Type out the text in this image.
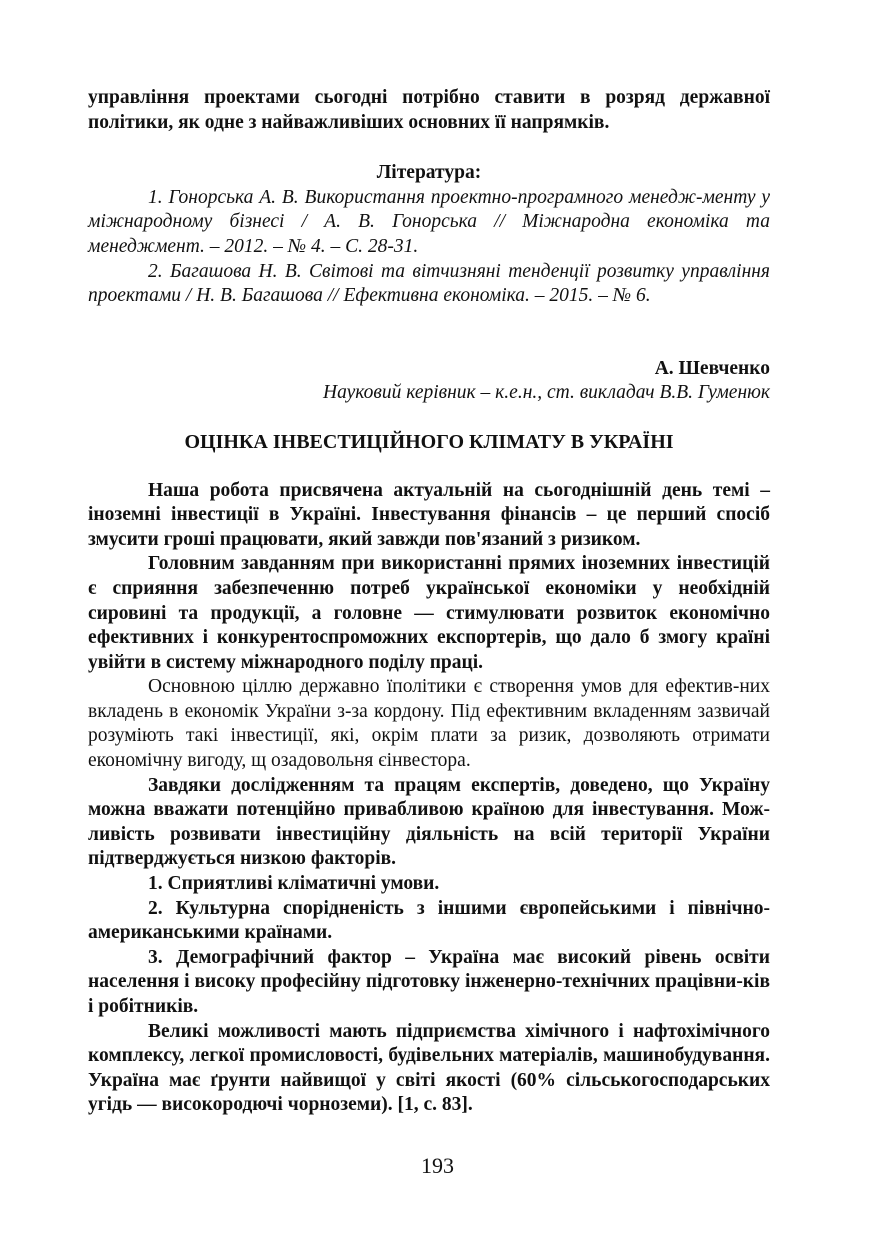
управління проектами сьогодні потрібно ставити в розряд державної політики, як одне з найважливіших основних її напрямків.

Література:

1. Гонорська А. В. Використання проектно-програмного менедж-менту у міжнародному бізнесі / А. В. Гонорська // Міжнародна економіка та менеджмент. – 2012. – № 4. – С. 28-31.

2. Багашова Н. В. Світові та вітчизняні тенденції розвитку управління проектами / Н. В. Багашова // Ефективна економіка. – 2015. – № 6.

А. Шевченко

Науковий керівник – к.е.н., ст. викладач В.В. Гуменюк

ОЦІНКА ІНВЕСТИЦІЙНОГО КЛІМАТУ В УКРАЇНІ

Наша робота присвячена актуальній на сьогоднішній день темі – іноземні інвестиції в Україні. Інвестування фінансів – це перший спосіб змусити гроші працювати, який завжди пов'язаний з ризиком.

Головним завданням при використанні прямих іноземних інвестицій є сприяння забезпеченню потреб української економіки у необхідній сировині та продукції, а головне — стимулювати розвиток економічно ефективних і конкурентоспроможних експортерів, що дало б змогу країні увійти в систему міжнародного поділу праці.

Основною ціллю державно їполітики є створення умов для ефектив-них вкладень в економік України з-за кордону. Під ефективним вкладенням зазвичай розуміють такі інвестиції, які, окрім плати за ризик, дозволяють отримати економічну вигоду, щ озадовольня єінвестора.

Завдяки дослідженням та працям експертів, доведено, що Україну можна вважати потенційно привабливою країною для інвестування. Мож-ливість розвивати інвестиційну діяльність на всій території України підтверджується низкою факторів.

1. Сприятливі кліматичні умови.

2. Культурна спорідненість з іншими європейськими і північно-американськими країнами.

3. Демографічний фактор – Україна має високий рівень освіти населення і високу професійну підготовку інженерно-технічних працівни-ків і робітників.

Великі можливості мають підприємства хімічного і нафтохімічного комплексу, легкої промисловості, будівельних матеріалів, машинобудування. Україна має ґрунти найвищої у світі якості (60% сільськогосподарських угідь — високородючі чорноземи). [1, с. 83].

193
